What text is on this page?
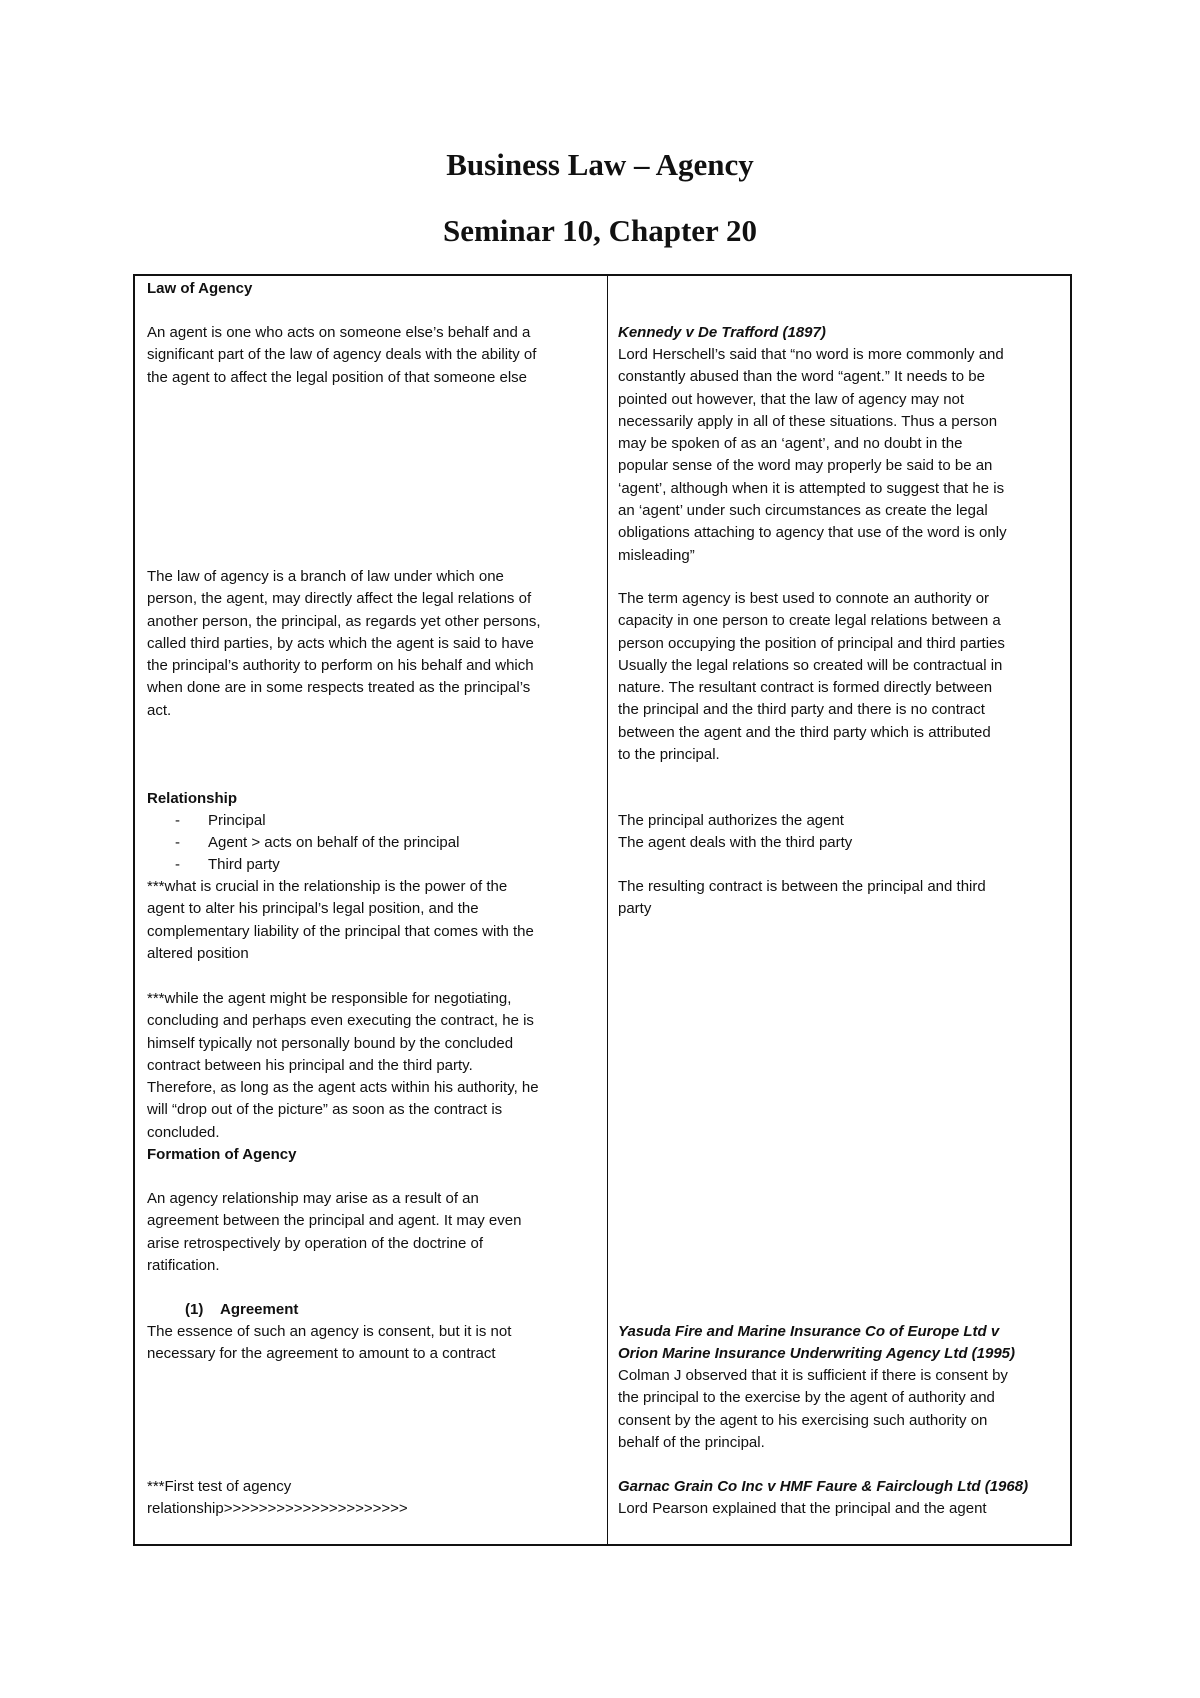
Business Law – Agency
Seminar 10, Chapter 20
Law of Agency
An agent is one who acts on someone else’s behalf and a
significant part of the law of agency deals with the ability of
the agent to affect the legal position of that someone else
The law of agency is a branch of law under which one
person, the agent, may directly affect the legal relations of
another person, the principal, as regards yet other persons,
called third parties, by acts which the agent is said to have
the principal’s authority to perform on his behalf and which
when done are in some respects treated as the principal’s
act.
Relationship
- Principal
- Agent > acts on behalf of the principal
- Third party
***what is crucial in the relationship is the power of the
agent to alter his principal’s legal position, and the
complementary liability of the principal that comes with the
altered position
***while the agent might be responsible for negotiating,
concluding and perhaps even executing the contract, he is
himself typically not personally bound by the concluded
contract between his principal and the third party.
Therefore, as long as the agent acts within his authority, he
will “drop out of the picture” as soon as the contract is
concluded.
Formation of Agency
An agency relationship may arise as a result of an
agreement between the principal and agent. It may even
arise retrospectively by operation of the doctrine of
ratification.
(1) Agreement
The essence of such an agency is consent, but it is not
necessary for the agreement to amount to a contract
***First test of agency
relationship>>>>>>>>>>>>>>>>>>>>>
Kennedy v De Trafford (1897)
Lord Herschell’s said that “no word is more commonly and
constantly abused than the word “agent.” It needs to be
pointed out however, that the law of agency may not
necessarily apply in all of these situations. Thus a person
may be spoken of as an ‘agent’, and no doubt in the
popular sense of the word may properly be said to be an
‘agent’, although when it is attempted to suggest that he is
an ‘agent’ under such circumstances as create the legal
obligations attaching to agency that use of the word is only
misleading”
The term agency is best used to connote an authority or
capacity in one person to create legal relations between a
person occupying the position of principal and third parties
Usually the legal relations so created will be contractual in
nature. The resultant contract is formed directly between
the principal and the third party and there is no contract
between the agent and the third party which is attributed
to the principal.
The principal authorizes the agent
The agent deals with the third party
The resulting contract is between the principal and third
party
Yasuda Fire and Marine Insurance Co of Europe Ltd v
Orion Marine Insurance Underwriting Agency Ltd (1995)
Colman J observed that it is sufficient if there is consent by
the principal to the exercise by the agent of authority and
consent by the agent to his exercising such authority on
behalf of the principal.
Garnac Grain Co Inc v HMF Faure & Fairclough Ltd (1968)
Lord Pearson explained that the principal and the agent
